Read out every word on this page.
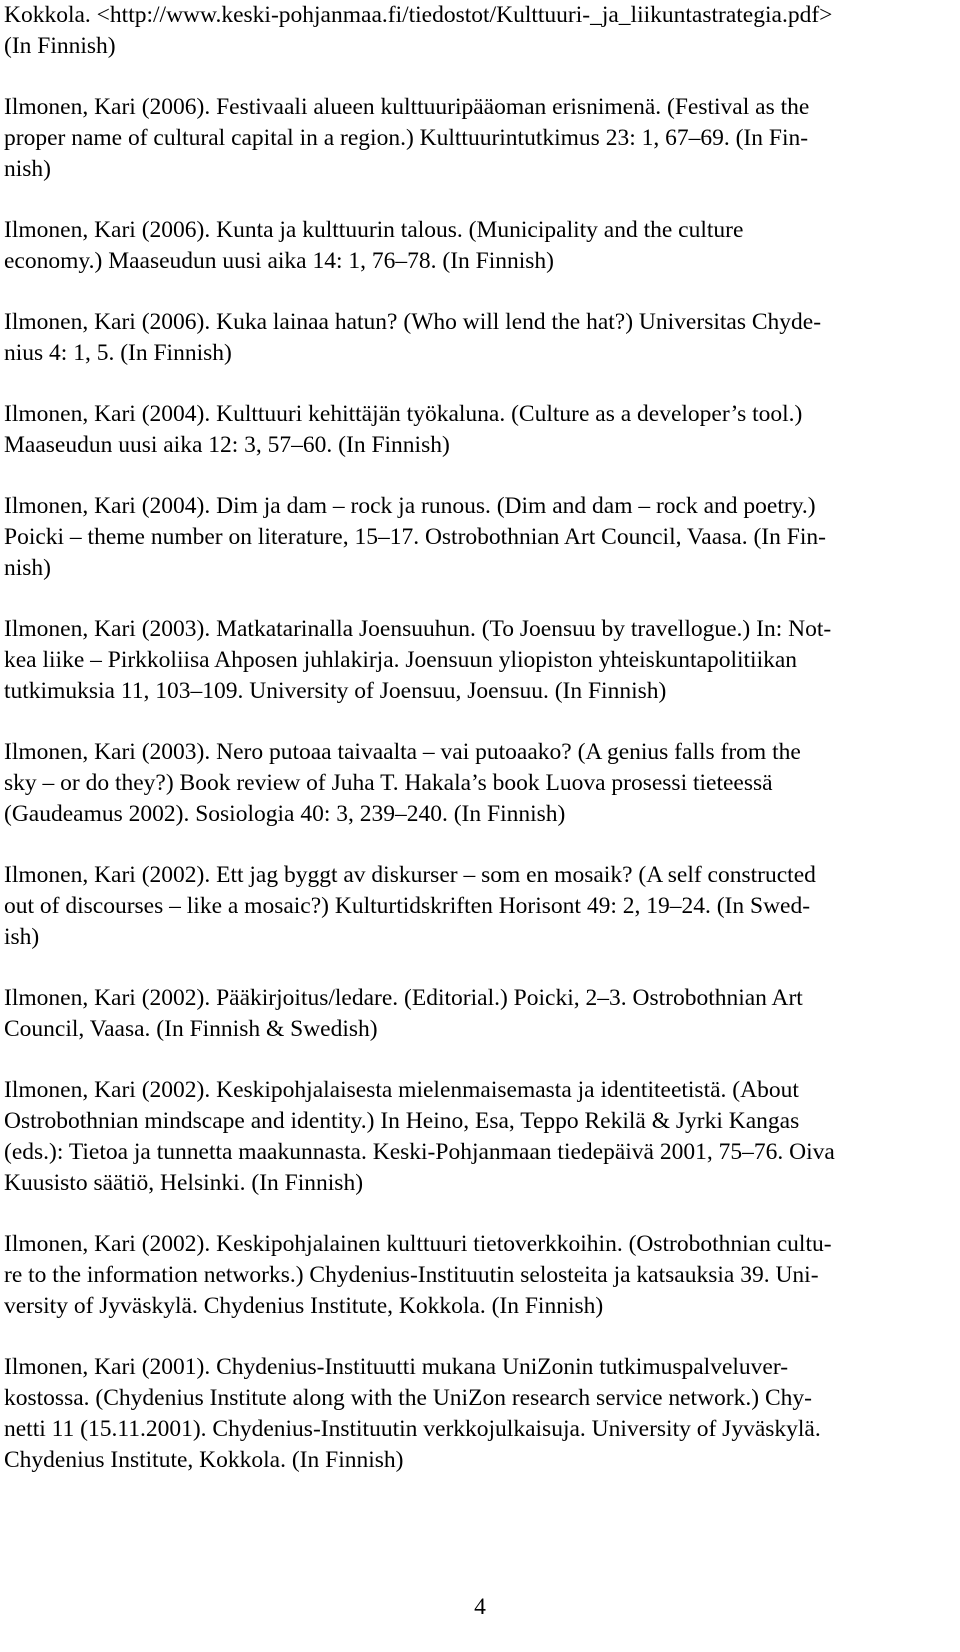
Kokkola. <http://www.keski-pohjanmaa.fi/tiedostot/Kulttuuri-_ja_liikuntastrategia.pdf>
(In Finnish)
Ilmonen, Kari (2006). Festivaali alueen kulttuuripääoman erisnimenä. (Festival as the
proper name of cultural capital in a region.) Kulttuurintutkimus 23: 1, 67–69. (In Fin-
nish)
Ilmonen, Kari (2006). Kunta ja kulttuurin talous. (Municipality and the culture
economy.) Maaseudun uusi aika 14: 1, 76–78. (In Finnish)
Ilmonen, Kari (2006). Kuka lainaa hatun? (Who will lend the hat?) Universitas Chyde-
nius 4: 1, 5. (In Finnish)
Ilmonen, Kari (2004). Kulttuuri kehittäjän työkaluna. (Culture as a developer’s tool.)
Maaseudun uusi aika 12: 3, 57–60. (In Finnish)
Ilmonen, Kari (2004). Dim ja dam – rock ja runous. (Dim and dam – rock and poetry.)
Poicki – theme number on literature, 15–17. Ostrobothnian Art Council, Vaasa. (In Fin-
nish)
Ilmonen, Kari (2003). Matkatarinalla Joensuuhun. (To Joensuu by travellogue.) In: Not-
kea liike – Pirkkoliisa Ahposen juhlakirja. Joensuun yliopiston yhteiskuntapolitiikan
tutkimuksia 11, 103–109. University of Joensuu, Joensuu. (In Finnish)
Ilmonen, Kari (2003). Nero putoaa taivaalta – vai putoaako? (A genius falls from the
sky – or do they?) Book review of Juha T. Hakala’s book Luova prosessi tieteessä
(Gaudeamus 2002). Sosiologia 40: 3, 239–240. (In Finnish)
Ilmonen, Kari (2002). Ett jag byggt av diskurser – som en mosaik? (A self constructed
out of discourses – like a mosaic?) Kulturtidskriften Horisont 49: 2, 19–24. (In Swed-
ish)
Ilmonen, Kari (2002). Pääkirjoitus/ledare. (Editorial.) Poicki, 2–3. Ostrobothnian Art
Council, Vaasa. (In Finnish & Swedish)
Ilmonen, Kari (2002). Keskipohjalaisesta mielenmaisemasta ja identiteetistä. (About
Ostrobothnian mindscape and identity.) In Heino, Esa, Teppo Rekilä & Jyrki Kangas
(eds.): Tietoa ja tunnetta maakunnasta. Keski-Pohjanmaan tiedepäivä 2001, 75–76. Oiva
Kuusisto säätiö, Helsinki. (In Finnish)
Ilmonen, Kari (2002). Keskipohjalainen kulttuuri tietoverkkoihin. (Ostrobothnian cultu-
re to the information networks.) Chydenius-Instituutin selosteita ja katsauksia 39. Uni-
versity of Jyväskylä. Chydenius Institute, Kokkola. (In Finnish)
Ilmonen, Kari (2001). Chydenius-Instituutti mukana UniZonin tutkimuspalveluver-
kostossa. (Chydenius Institute along with the UniZon research service network.) Chy-
netti 11 (15.11.2001). Chydenius-Instituutin verkkojulkaisuja. University of Jyväskylä.
Chydenius Institute, Kokkola. (In Finnish)
4
